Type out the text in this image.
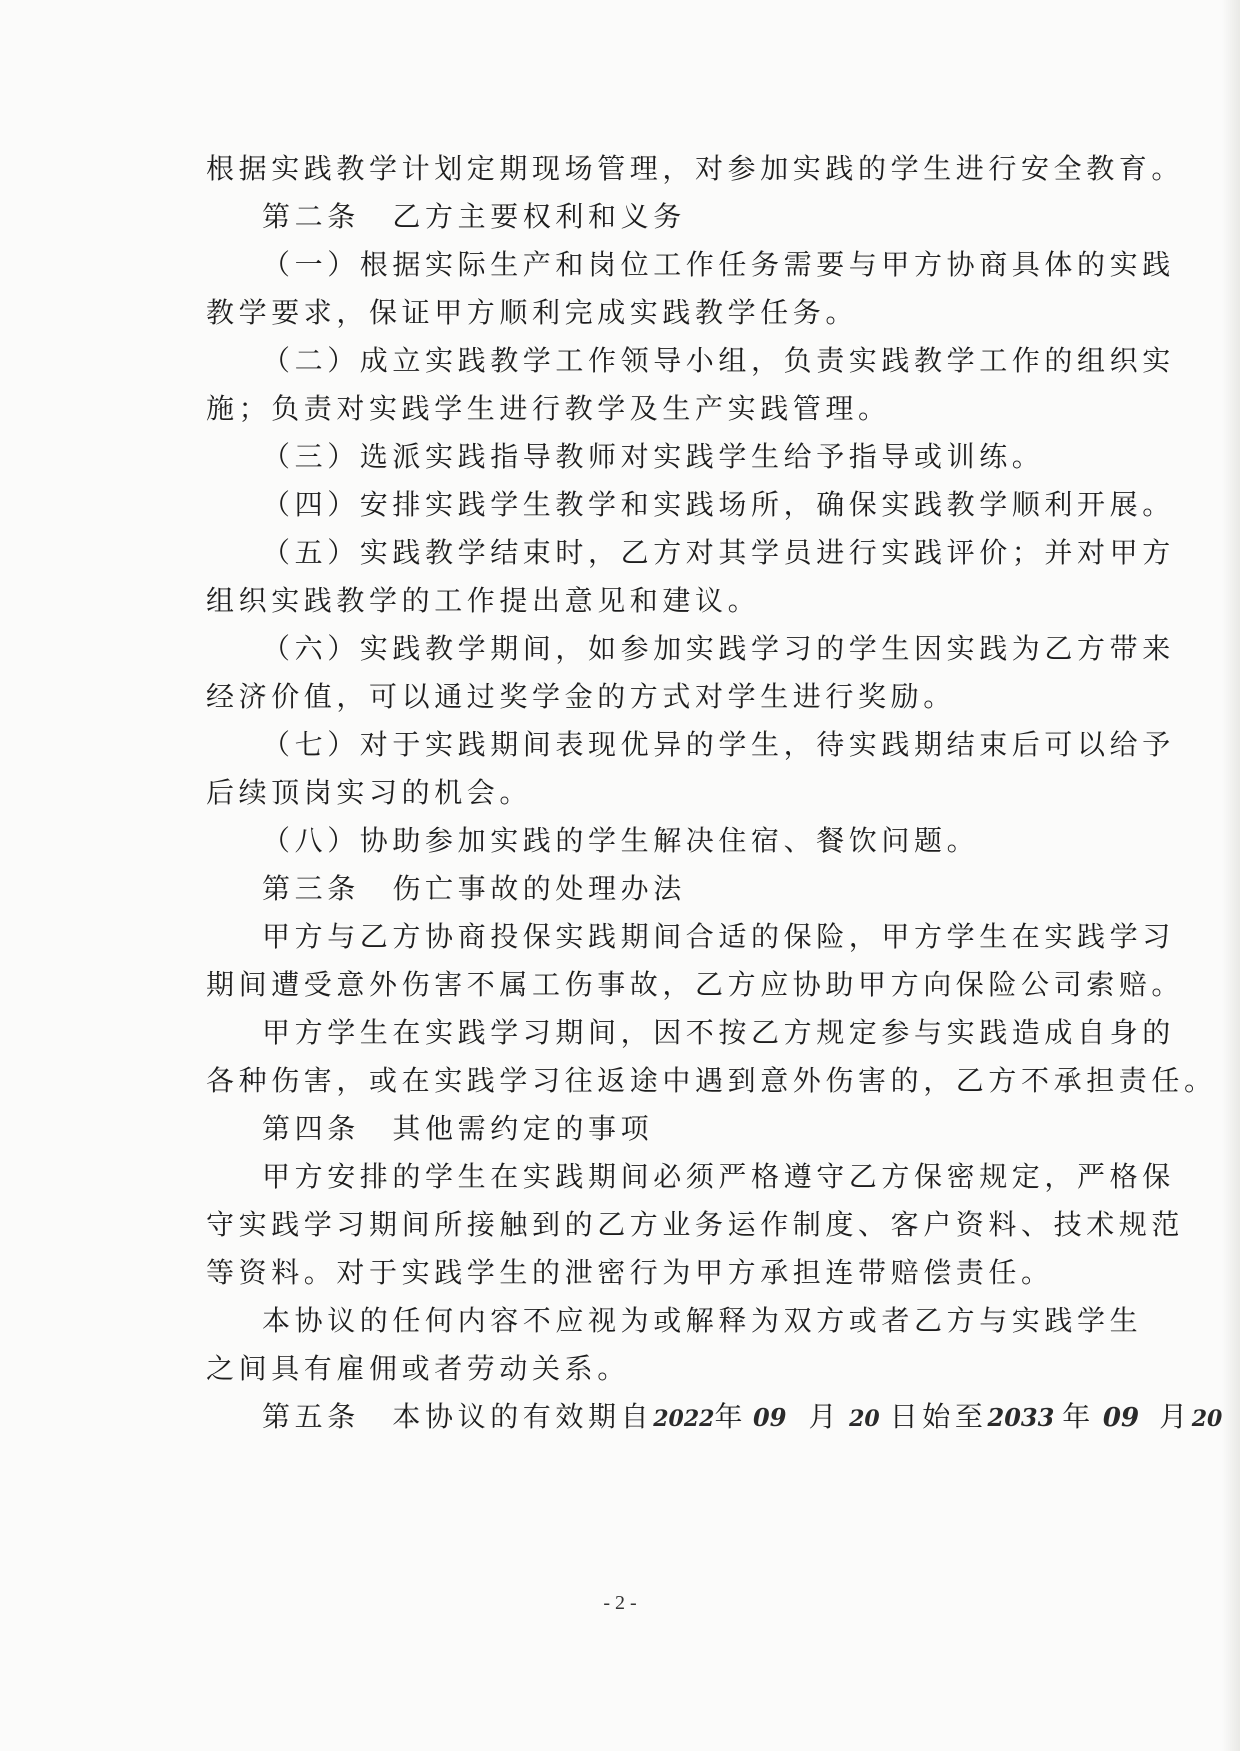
根据实践教学计划定期现场管理，对参加实践的学生进行安全教育。
第二条　乙方主要权利和义务
（一）根据实际生产和岗位工作任务需要与甲方协商具体的实践
教学要求，保证甲方顺利完成实践教学任务。
（二）成立实践教学工作领导小组，负责实践教学工作的组织实
施；负责对实践学生进行教学及生产实践管理。
（三）选派实践指导教师对实践学生给予指导或训练。
（四）安排实践学生教学和实践场所，确保实践教学顺利开展。
（五）实践教学结束时，乙方对其学员进行实践评价；并对甲方
组织实践教学的工作提出意见和建议。
（六）实践教学期间，如参加实践学习的学生因实践为乙方带来
经济价值，可以通过奖学金的方式对学生进行奖励。
（七）对于实践期间表现优异的学生，待实践期结束后可以给予
后续顶岗实习的机会。
（八）协助参加实践的学生解决住宿、餐饮问题。
第三条　伤亡事故的处理办法
甲方与乙方协商投保实践期间合适的保险，甲方学生在实践学习
期间遭受意外伤害不属工伤事故，乙方应协助甲方向保险公司索赔。
甲方学生在实践学习期间，因不按乙方规定参与实践造成自身的
各种伤害，或在实践学习往返途中遇到意外伤害的，乙方不承担责任。
第四条　其他需约定的事项
甲方安排的学生在实践期间必须严格遵守乙方保密规定，严格保
守实践学习期间所接触到的乙方业务运作制度、客户资料、技术规范
等资料。对于实践学生的泄密行为甲方承担连带赔偿责任。
本协议的任何内容不应视为或解释为双方或者乙方与实践学生
之间具有雇佣或者劳动关系。
第五条　本协议的有效期自2022年 09 月 20 日始至2033 年 09 月20
- 2 -
